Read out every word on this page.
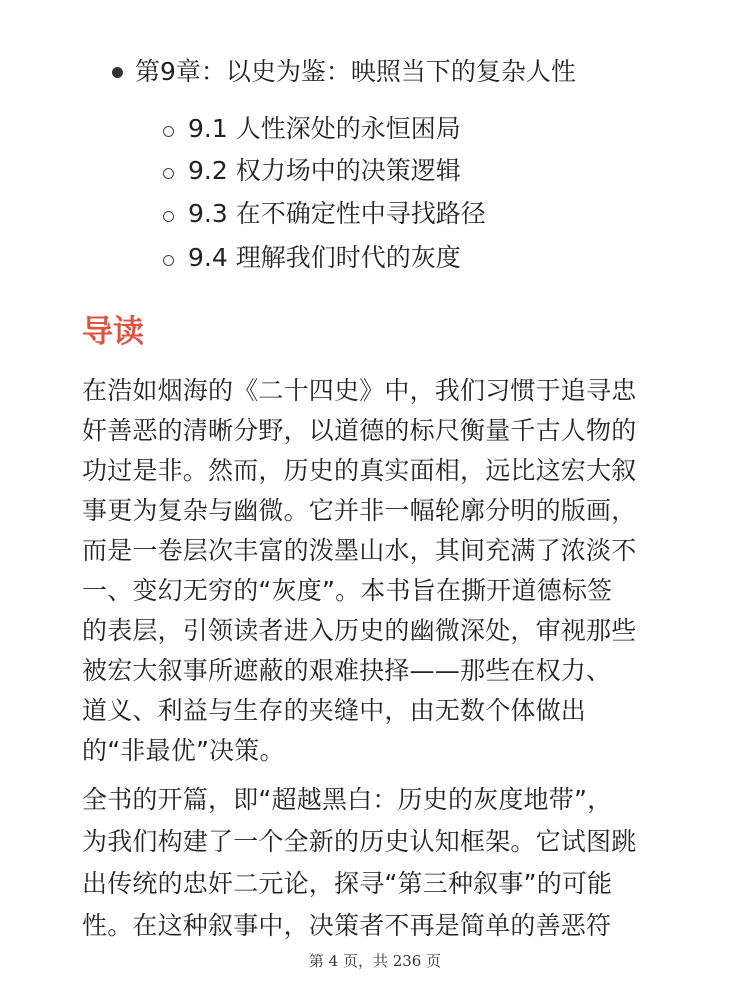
第9章：以史为鉴：映照当下的复杂人性
9.1 人性深处的永恒困局
9.2 权力场中的决策逻辑
9.3 在不确定性中寻找路径
9.4 理解我们时代的灰度
导读
在浩如烟海的《二十四史》中，我们习惯于追寻忠
奸善恶的清晰分野，以道德的标尺衡量千古人物的
功过是非。然而，历史的真实面相，远比这宏大叙
事更为复杂与幽微。它并非一幅轮廓分明的版画，
而是一卷层次丰富的泼墨山水，其间充满了浓淡不
一、变幻无穷的“灰度”。本书旨在撕开道德标签
的表层，引领读者进入历史的幽微深处，审视那些
被宏大叙事所遮蔽的艰难抉择——那些在权力、
道义、利益与生存的夹缝中，由无数个体做出
的“非最优”决策。
全书的开篇，即“超越黑白：历史的灰度地带”，
为我们构建了一个全新的历史认知框架。它试图跳
出传统的忠奸二元论，探寻“第三种叙事”的可能
性。在这种叙事中，决策者不再是简单的善恶符
第 4 页，共 236 页
